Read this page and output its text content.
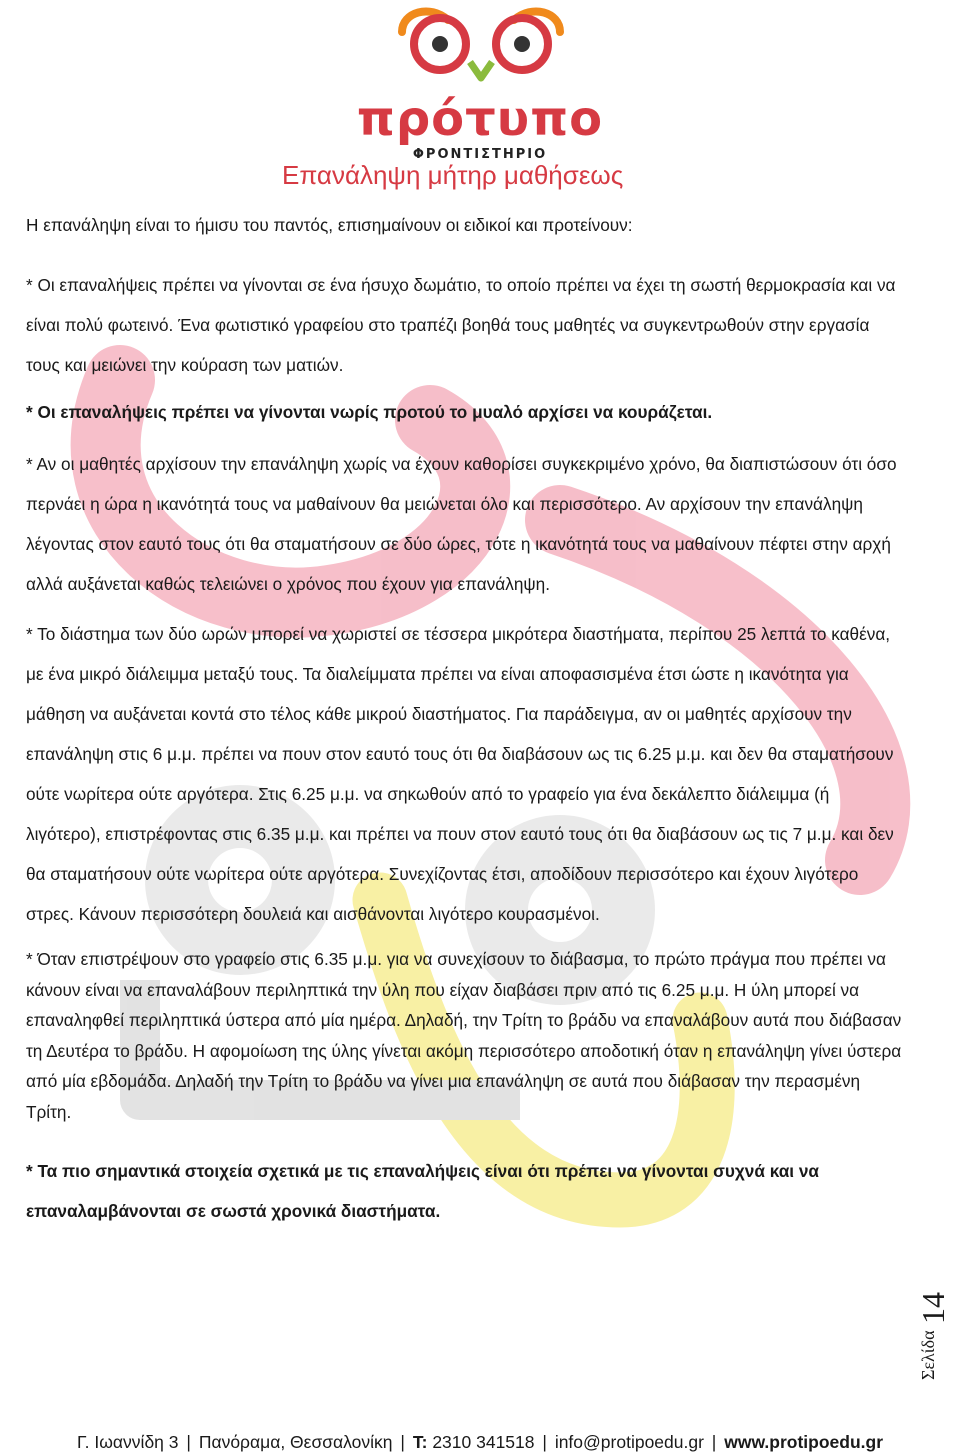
πρότυπο
ΦΡΟΝΤΙΣΤΗΡΙΟ
Επανάληψη μήτηρ μαθήσεως

Η επανάληψη είναι το ήμισυ του παντός, επισημαίνουν οι ειδικοί και προτείνουν:

* Οι επαναλήψεις πρέπει να γίνονται σε ένα ήσυχο δωμάτιο, το οποίο πρέπει να έχει τη σωστή θερμοκρασία και να είναι πολύ φωτεινό. Ένα φωτιστικό γραφείου στο τραπέζι βοηθά τους μαθητές να συγκεντρωθούν στην εργασία τους και μειώνει την κούραση των ματιών.

* Οι επαναλήψεις πρέπει να γίνονται νωρίς προτού το μυαλό αρχίσει να κουράζεται.

* Αν οι μαθητές αρχίσουν την επανάληψη χωρίς να έχουν καθορίσει συγκεκριμένο χρόνο, θα διαπιστώσουν ότι όσο περνάει η ώρα η ικανότητά τους να μαθαίνουν θα μειώνεται όλο και περισσότερο. Αν αρχίσουν την επανάληψη λέγοντας στον εαυτό τους ότι θα σταματήσουν σε δύο ώρες, τότε η ικανότητά τους να μαθαίνουν πέφτει στην αρχή αλλά αυξάνεται καθώς τελειώνει ο χρόνος που έχουν για επανάληψη.

* Το διάστημα των δύο ωρών μπορεί να χωριστεί σε τέσσερα μικρότερα διαστήματα, περίπου 25 λεπτά το καθένα, με ένα μικρό διάλειμμα μεταξύ τους. Τα διαλείμματα πρέπει να είναι αποφασισμένα έτσι ώστε η ικανότητα για μάθηση να αυξάνεται κοντά στο τέλος κάθε μικρού διαστήματος. Για παράδειγμα, αν οι μαθητές αρχίσουν την επανάληψη στις 6 μ.μ. πρέπει να πουν στον εαυτό τους ότι θα διαβάσουν ως τις 6.25 μ.μ. και δεν θα σταματήσουν ούτε νωρίτερα ούτε αργότερα. Στις 6.25 μ.μ. να σηκωθούν από το γραφείο για ένα δεκάλεπτο διάλειμμα (ή λιγότερο), επιστρέφοντας στις 6.35 μ.μ. και πρέπει να πουν στον εαυτό τους ότι θα διαβάσουν ως τις 7 μ.μ. και δεν θα σταματήσουν ούτε νωρίτερα ούτε αργότερα. Συνεχίζοντας έτσι, αποδίδουν περισσότερο και έχουν λιγότερο στρες. Κάνουν περισσότερη δουλειά και αισθάνονται λιγότερο κουρασμένοι.

* Όταν επιστρέψουν στο γραφείο στις 6.35 μ.μ. για να συνεχίσουν το διάβασμα, το πρώτο πράγμα που πρέπει να κάνουν είναι να επαναλάβουν περιληπτικά την ύλη που είχαν διαβάσει πριν από τις 6.25 μ.μ. Η ύλη μπορεί να επαναληφθεί περιληπτικά ύστερα από μία ημέρα. Δηλαδή, την Τρίτη το βράδυ να επαναλάβουν αυτά που διάβασαν τη Δευτέρα το βράδυ. Η αφομοίωση της ύλης γίνεται ακόμη περισσότερο αποδοτική όταν η επανάληψη γίνει ύστερα από μία εβδομάδα. Δηλαδή την Τρίτη το βράδυ να γίνει μια επανάληψη σε αυτά που διάβασαν την περασμένη Τρίτη.

* Τα πιο σημαντικά στοιχεία σχετικά με τις επαναλήψεις είναι ότι πρέπει να γίνονται συχνά και να επαναλαμβάνονται σε σωστά χρονικά διαστήματα.

Σελίδα
14
Γ. Ιωαννίδη 3 | Πανόραμα, Θεσσαλονίκη | Τ: 2310 341518 | info@protipoedu.gr | www.protipoedu.gr
